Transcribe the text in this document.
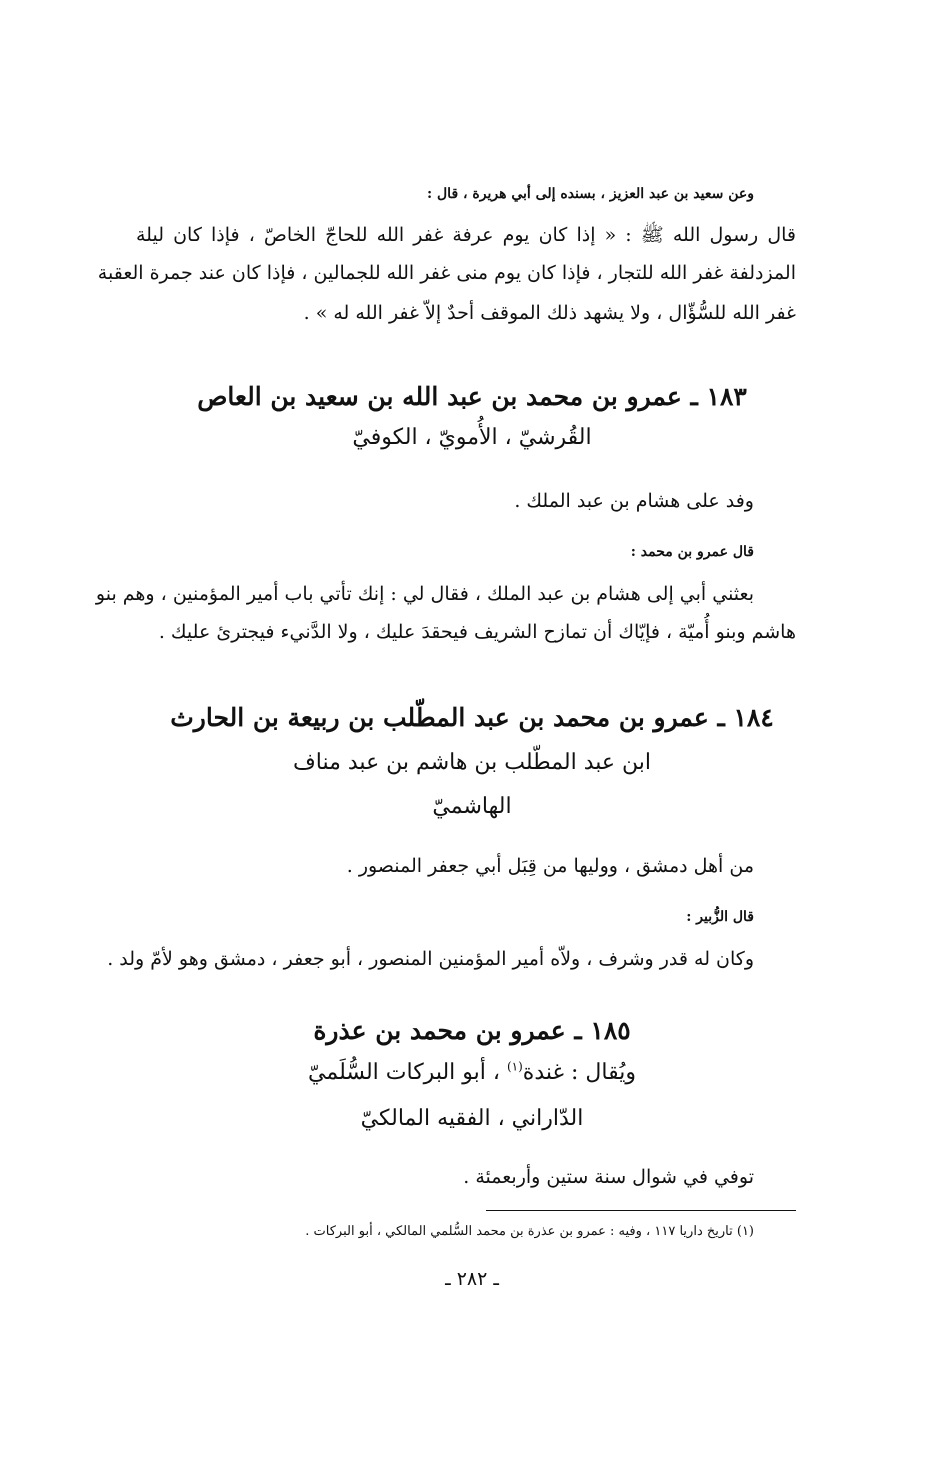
وعن سعيد بن عبد العزيز ، بسنده إلى أبي هريرة ، قال :

قال رسول الله ﷺ : « إذا كان يوم عرفة غفر الله للحاجّ الخاصّ ، فإذا كان ليلة

المزدلفة غفر الله للتجار ، فإذا كان يوم منى غفر الله للجمالين ، فإذا كان عند جمرة العقبة

غفر الله للسُّؤّال ، ولا يشهد ذلك الموقف أحدٌ إلاّ غفر الله له » .

١٨٣ ـ عمرو بن محمد بن عبد الله بن سعيد بن العاص

القُرشيّ ، الأُمويّ ، الكوفيّ

وفد على هشام بن عبد الملك .

قال عمرو بن محمد :

بعثني أبي إلى هشام بن عبد الملك ، فقال لي : إنك تأتي باب أمير المؤمنين ، وهم بنو

هاشم وبنو أُميّة ، فإيّاك أن تمازح الشريف فيحقدَ عليك ، ولا الدَّنيء فيجترئ عليك .

١٨٤ ـ عمرو بن محمد بن عبد المطّلب بن ربيعة بن الحارث

ابن عبد المطّلب بن هاشم بن عبد مناف

الهاشميّ

من أهل دمشق ، ووليها من قِبَل أبي جعفر المنصور .

قال الزُّبير :

وكان له قدر وشرف ، ولاّه أمير المؤمنين المنصور ، أبو جعفر ، دمشق وهو لأمّ ولد .

١٨٥ ـ عمرو بن محمد بن عذرة

ويُقال : غندة$^{(١)}$ ، أبو البركات السُّلَميّ

الدّاراني ، الفقيه المالكيّ

توفي في شوال سنة ستين وأربعمئة .

(١) تاريخ داريا ١١٧ ، وفيه : عمرو بن عذرة بن محمد السُّلمي المالكي ، أبو البركات .

ـ ٢٨٢ ـ
